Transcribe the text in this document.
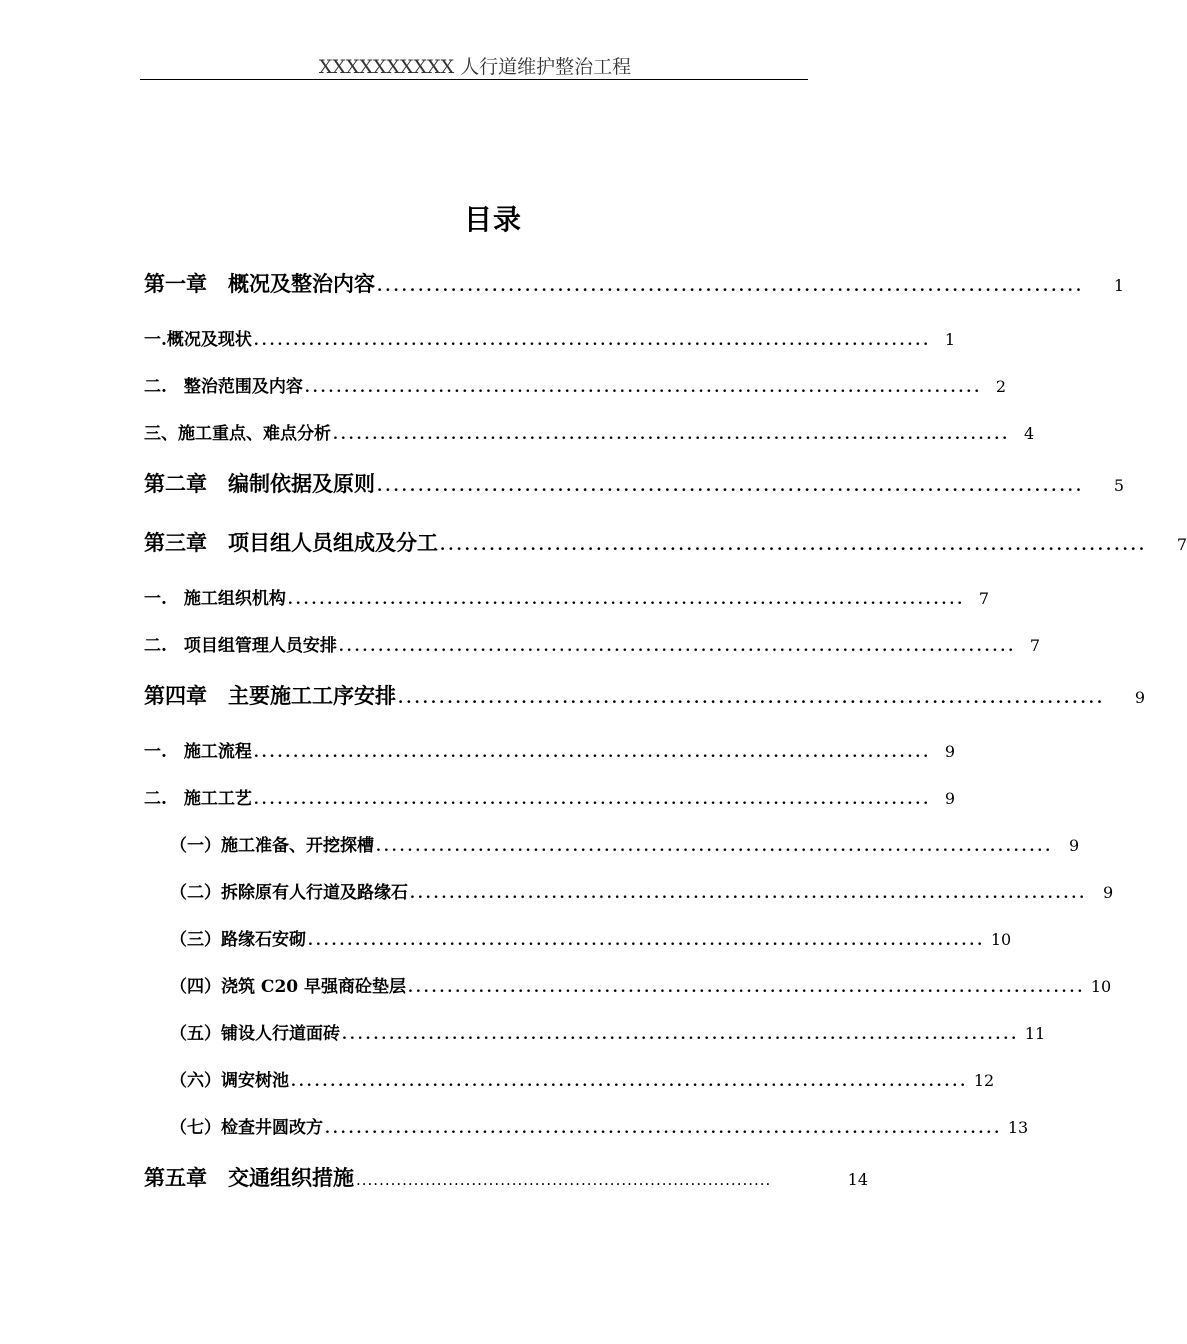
XXXXXXXXXX 人行道维护整治工程
目录
第一章　概况及整治内容 ......................................................................................	1
一.概况及现状 ...................................................................................... 1
二.　整治范围及内容 ...................................................................................... 2
三、施工重点、难点分析 ...................................................................................... 4
第二章　编制依据及原则 ......................................................................................	5
第三章　项目组人员组成及分工 ......................................................................................	7
一.　施工组织机构 ...................................................................................... 7
二.　项目组管理人员安排 ...................................................................................... 7
第四章　主要施工工序安排 ......................................................................................	9
一.　施工流程 ...................................................................................... 9
二.　施工工艺 ...................................................................................... 9
（一）施工准备、开挖探槽 ...................................................................................... 9
（二）拆除原有人行道及路缘石 ...................................................................................... 9
（三）路缘石安砌 ...................................................................................... 10
（四）浇筑 C20 早强商砼垫层 ...................................................................................... 10
（五）铺设人行道面砖 ...................................................................................... 11
（六）调安树池 ...................................................................................... 12
（七）检查井圆改方 ...................................................................................... 13
第五章　交通组织措施 ........................................................................	14
